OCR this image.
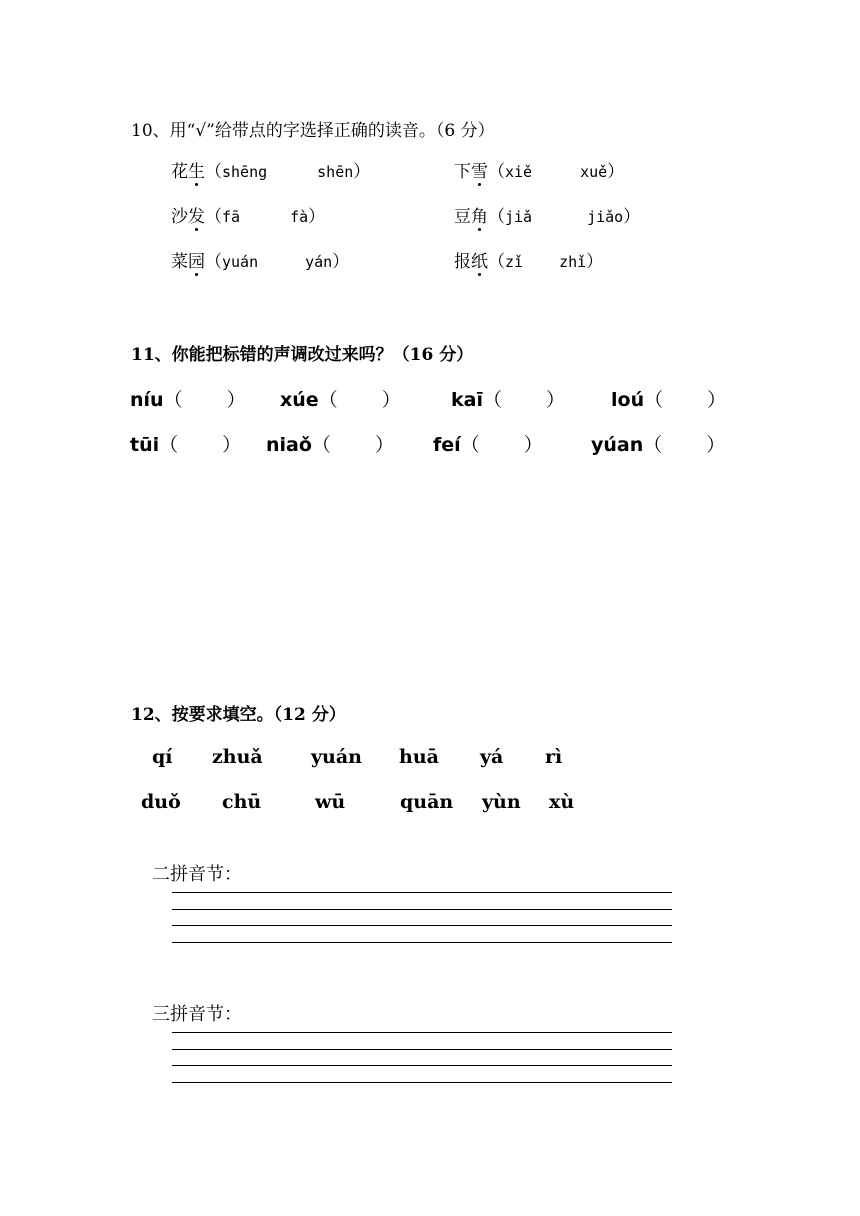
10、用“√”给带点的字选择正确的读音。（6 分）
花生（shēng	shēn）	下雪（xiě	xuě）
沙发（fā	fà）	豆角（jiǎ	jiǎo）
菜园（yuán	yán）	报纸（zǐ zhǐ）
11、你能把标错的声调改过来吗？（16 分）
níu（ ） xúe（ ）	kaī（ ） loú（ ）
tūi（ ） niaǒ（ ） feí（ ）	yúan（ ）
12、按要求填空。（12 分）
qí zhuǎ	yuán huā yá rì
duǒ chū	wū	quān yùn xù
二拼音节：
三拼音节：
